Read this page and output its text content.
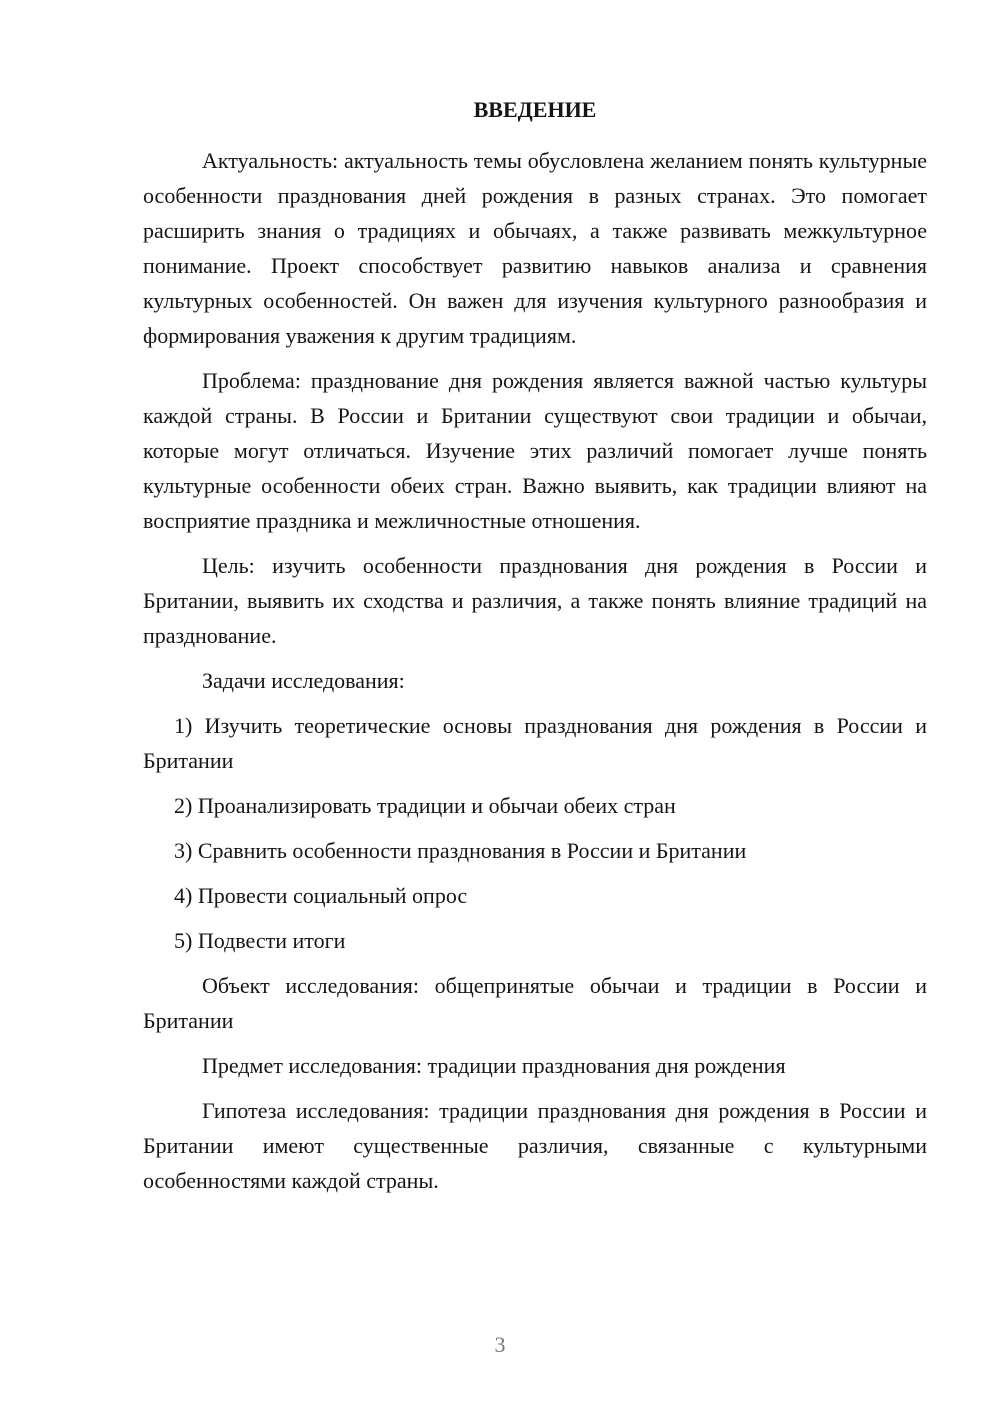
ВВЕДЕНИЕ

Актуальность: актуальность темы обусловлена желанием понять культурные особенности празднования дней рождения в разных странах. Это помогает расширить знания о традициях и обычаях, а также развивать межкультурное понимание. Проект способствует развитию навыков анализа и сравнения культурных особенностей. Он важен для изучения культурного разнообразия и формирования уважения к другим традициям.

Проблема: празднование дня рождения является важной частью культуры каждой страны. В России и Британии существуют свои традиции и обычаи, которые могут отличаться. Изучение этих различий помогает лучше понять культурные особенности обеих стран. Важно выявить, как традиции влияют на восприятие праздника и межличностные отношения.

Цель: изучить особенности празднования дня рождения в России и Британии, выявить их сходства и различия, а также понять влияние традиций на празднование.

Задачи исследования:

1) Изучить теоретические основы празднования дня рождения в России и Британии

2) Проанализировать традиции и обычаи обеих стран

3) Сравнить особенности празднования в России и Британии

4) Провести социальный опрос

5) Подвести итоги

Объект исследования: общепринятые обычаи и традиции в России и Британии

Предмет исследования: традиции празднования дня рождения

Гипотеза исследования: традиции празднования дня рождения в России и Британии имеют существенные различия, связанные с культурными особенностями каждой страны.

3
